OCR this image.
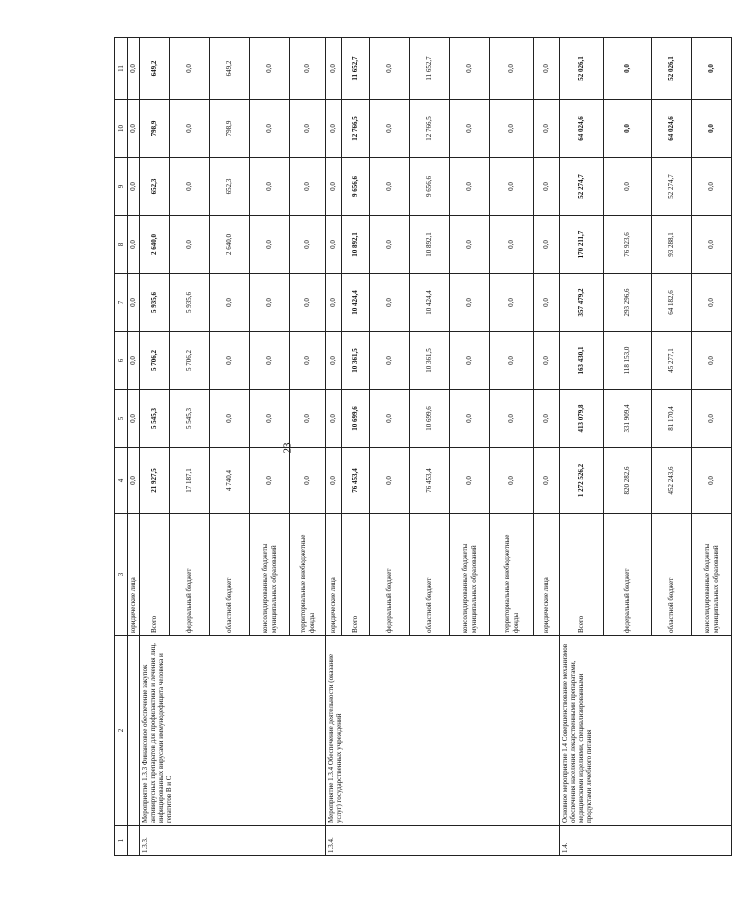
23
1	2	3	4	5	6	7	8	9	10	11
		юридические лица	0,0	0,0	0,0	0,0	0,0	0,0	0,0	0,0
1.3.3.	Мероприятие 1.3.3 Финансовое обеспечение закупок антивирусных препаратов для профилактики и лечения лиц, инфицированных вирусами иммунодефицита человека и гепатитов В и С	Всего	21 927,5	5 545,3	5 706,2	5 935,6	2 640,0	652,3	798,9	649,2
		федеральный бюджет	17 187,1	5 545,3	5 706,2	5 935,6	0,0	0,0	0,0	0,0
		областной бюджет	4 740,4	0,0	0,0	0,0	2 640,0	652,3	798,9	649,2
		консолидированные бюджеты муниципальных образований	0,0	0,0	0,0	0,0	0,0	0,0	0,0	0,0
		территориальные внебюджетные фонды	0,0	0,0	0,0	0,0	0,0	0,0	0,0	0,0
1.3.4.	Мероприятие 1.3.4 Обеспечение деятельности (оказание услуг) государственных учреждений	юридические лица	0,0	0,0	0,0	0,0	0,0	0,0	0,0	0,0
		Всего	76 453,4	10 699,6	10 361,5	10 424,4	10 892,1	9 656,6	12 766,5	11 652,7
		федеральный бюджет	0,0	0,0	0,0	0,0	0,0	0,0	0,0	0,0
		областной бюджет	76 453,4	10 699,6	10 361,5	10 424,4	10 892,1	9 656,6	12 766,5	11 652,7
		консолидированные бюджеты муниципальных образований	0,0	0,0	0,0	0,0	0,0	0,0	0,0	0,0
		территориальные внебюджетные фонды	0,0	0,0	0,0	0,0	0,0	0,0	0,0	0,0
		юридические лица	0,0	0,0	0,0	0,0	0,0	0,0	0,0	0,0
1.4.	Основное мероприятие 1.4 Совершенствование механизмов обеспечения населения лекарственными препаратами, медицинскими изделиями, специализированными продуктами лечебного питания	Всего	1 272 526,2	413 079,8	163 430,1	357 479,2	170 211,7	52 274,7	64 024,6	52 026,1
		федеральный бюджет	820 282,6	331 909,4	118 153,0	293 296,6	76 923,6	0,0	0,0	0,0
		областной бюджет	452 243,6	81 170,4	45 277,1	64 182,6	93 288,1	52 274,7	64 024,6	52 026,1
		консолидированные бюджеты муниципальных образований	0,0	0,0	0,0	0,0	0,0	0,0	0,0	0,0
